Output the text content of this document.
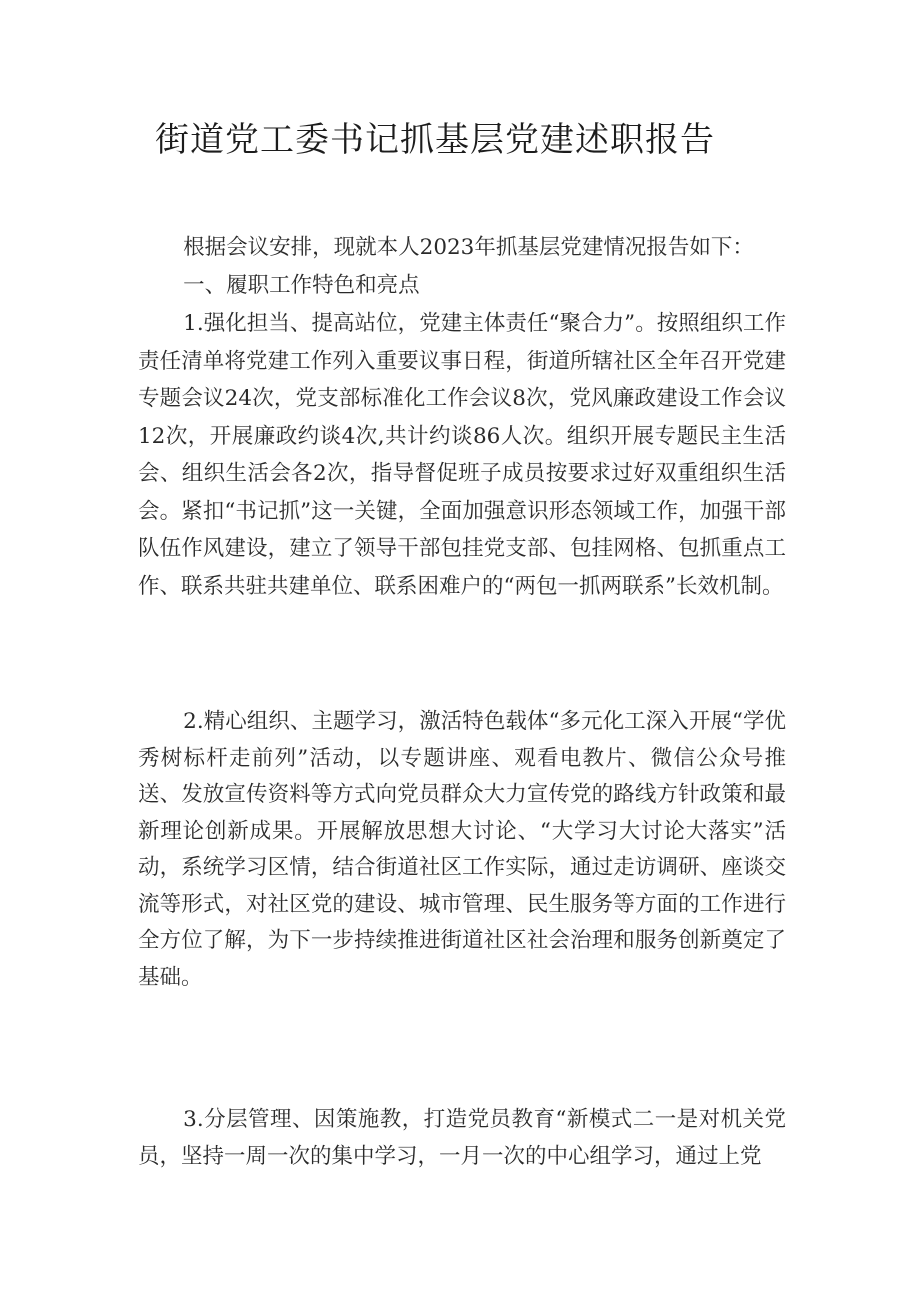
街道党工委书记抓基层党建述职报告

根据会议安排，现就本人2023年抓基层党建情况报告如下：

一、履职工作特色和亮点

1.强化担当、提高站位，党建主体责任“聚合力”。按照组织工作责任清单将党建工作列入重要议事日程，街道所辖社区全年召开党建专题会议24次，党支部标准化工作会议8次，党风廉政建设工作会议12次，开展廉政约谈4次,共计约谈86人次。组织开展专题民主生活会、组织生活会各2次，指导督促班子成员按要求过好双重组织生活会。紧扣“书记抓”这一关键，全面加强意识形态领域工作，加强干部队伍作风建设，建立了领导干部包挂党支部、包挂网格、包抓重点工作、联系共驻共建单位、联系困难户的“两包一抓两联系”长效机制。

2.精心组织、主题学习，激活特色载体“多元化工深入开展“学优秀树标杆走前列”活动，以专题讲座、观看电教片、微信公众号推送、发放宣传资料等方式向党员群众大力宣传党的路线方针政策和最新理论创新成果。开展解放思想大讨论、“大学习大讨论大落实”活动，系统学习区情，结合街道社区工作实际，通过走访调研、座谈交流等形式，对社区党的建设、城市管理、民生服务等方面的工作进行全方位了解，为下一步持续推进街道社区社会治理和服务创新奠定了基础。

3.分层管理、因策施教，打造党员教育“新模式二一是对机关党员，坚持一周一次的集中学习，一月一次的中心组学习，通过上党
